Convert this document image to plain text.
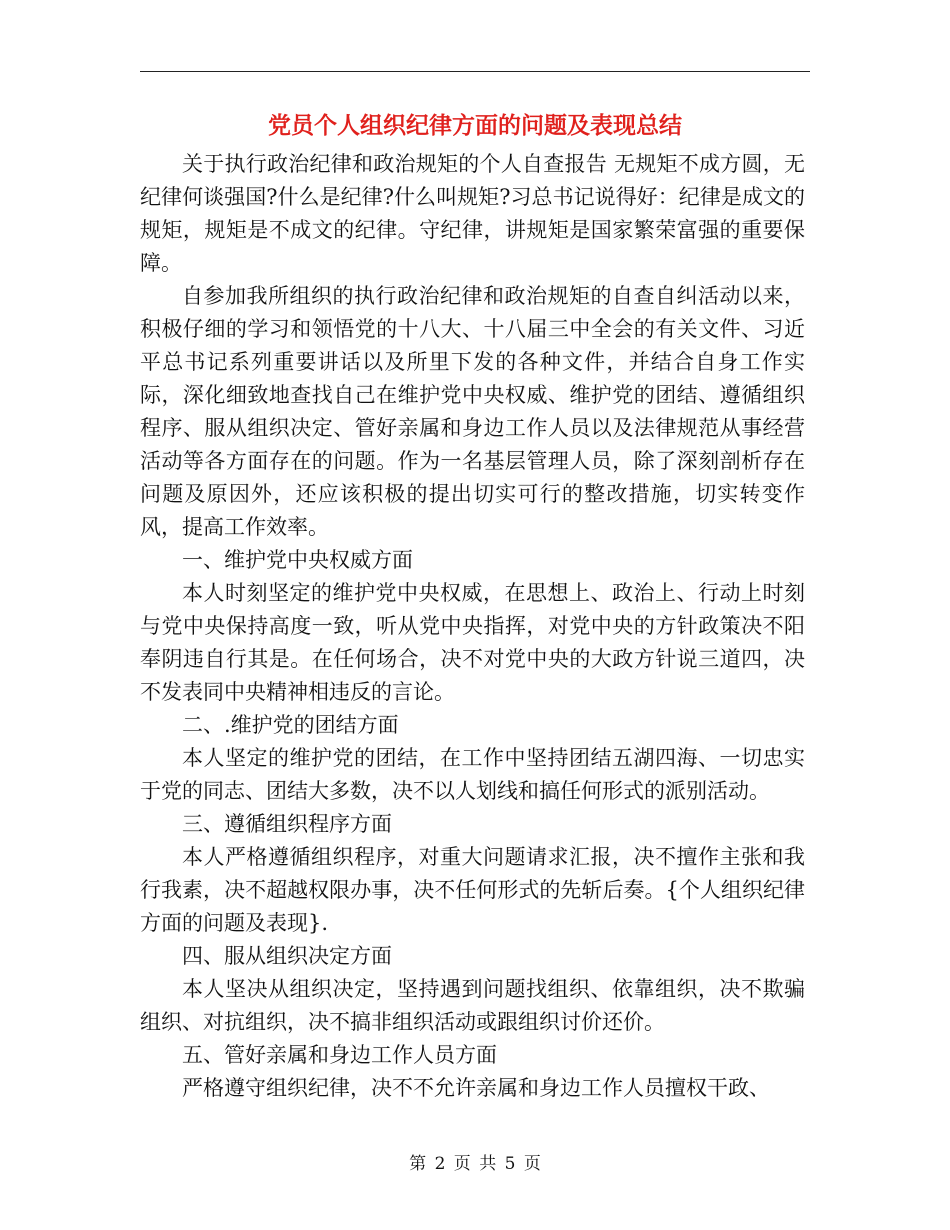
党员个人组织纪律方面的问题及表现总结

关于执行政治纪律和政治规矩的个人自查报告 无规矩不成方圆，无纪律何谈强国?什么是纪律?什么叫规矩?习总书记说得好：纪律是成文的规矩，规矩是不成文的纪律。守纪律，讲规矩是国家繁荣富强的重要保障。

自参加我所组织的执行政治纪律和政治规矩的自查自纠活动以来，积极仔细的学习和领悟党的十八大、十八届三中全会的有关文件、习近平总书记系列重要讲话以及所里下发的各种文件，并结合自身工作实际，深化细致地查找自己在维护党中央权威、维护党的团结、遵循组织程序、服从组织决定、管好亲属和身边工作人员以及法律规范从事经营活动等各方面存在的问题。作为一名基层管理人员，除了深刻剖析存在问题及原因外，还应该积极的提出切实可行的整改措施，切实转变作风，提高工作效率。

一、维护党中央权威方面

本人时刻坚定的维护党中央权威，在思想上、政治上、行动上时刻与党中央保持高度一致，听从党中央指挥，对党中央的方针政策决不阳奉阴违自行其是。在任何场合，决不对党中央的大政方针说三道四，决不发表同中央精神相违反的言论。

二、.维护党的团结方面

本人坚定的维护党的团结，在工作中坚持团结五湖四海、一切忠实于党的同志、团结大多数，决不以人划线和搞任何形式的派别活动。

三、遵循组织程序方面

本人严格遵循组织程序，对重大问题请求汇报，决不擅作主张和我行我素，决不超越权限办事，决不任何形式的先斩后奏。{个人组织纪律方面的问题及表现}.

四、服从组织决定方面

本人坚决从组织决定，坚持遇到问题找组织、依靠组织，决不欺骗组织、对抗组织，决不搞非组织活动或跟组织讨价还价。

五、管好亲属和身边工作人员方面

严格遵守组织纪律，决不不允许亲属和身边工作人员擅权干政、

第 2 页 共 5 页
